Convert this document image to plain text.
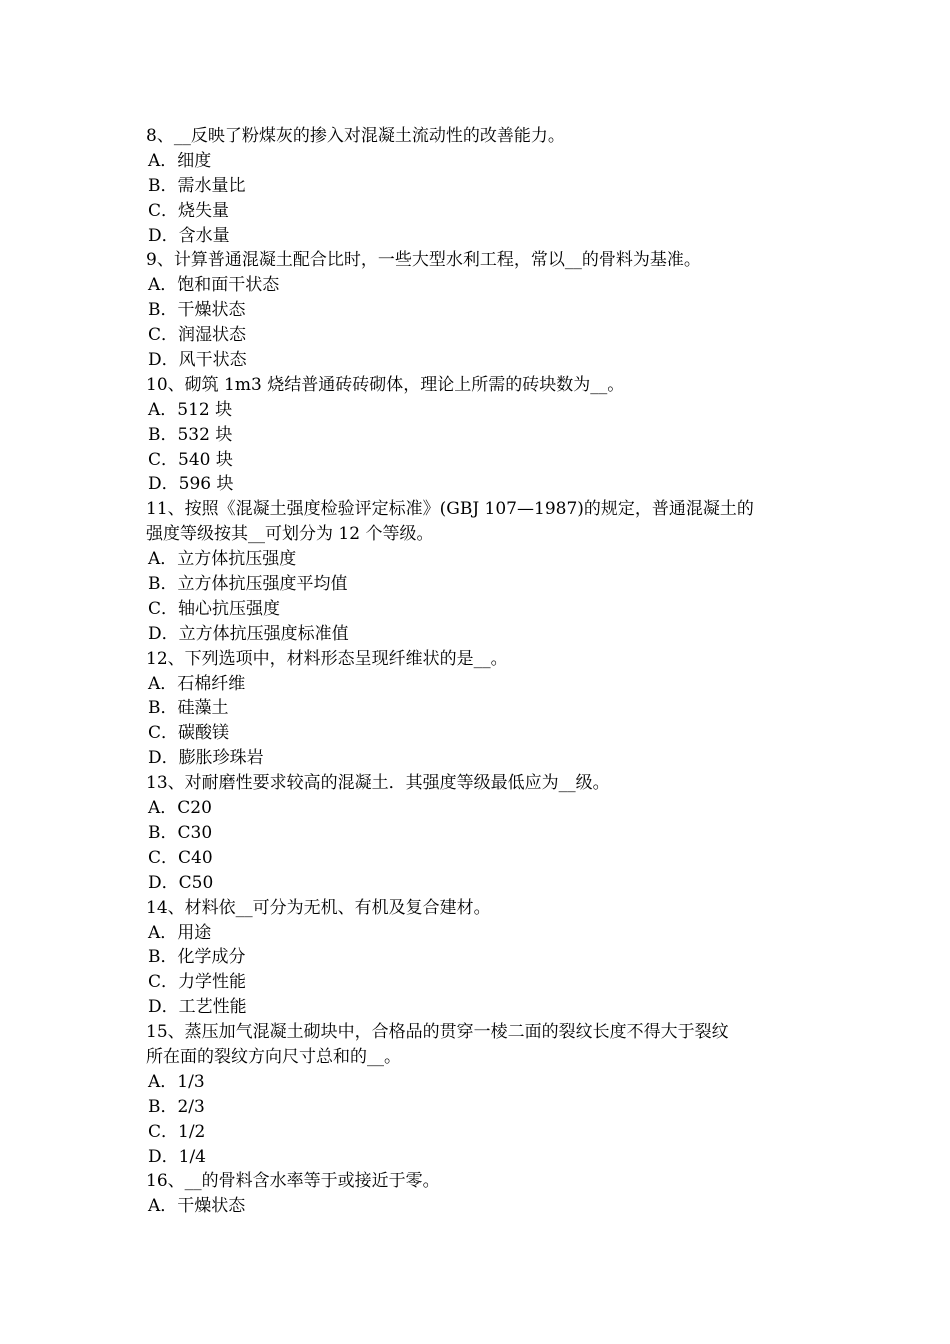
8、__反映了粉煤灰的掺入对混凝土流动性的改善能力。
A．细度
B．需水量比
C．烧失量
D．含水量
9、计算普通混凝土配合比时，一些大型水利工程，常以__的骨料为基准。
A．饱和面干状态
B．干燥状态
C．润湿状态
D．风干状态
10、砌筑 1m3 烧结普通砖砖砌体，理论上所需的砖块数为__。
A．512 块
B．532 块
C．540 块
D．596 块
11、按照《混凝土强度检验评定标准》(GBJ 107—1987)的规定，普通混凝土的
强度等级按其__可划分为 12 个等级。
A．立方体抗压强度
B．立方体抗压强度平均值
C．轴心抗压强度
D．立方体抗压强度标准值
12、下列选项中，材料形态呈现纤维状的是__。
A．石棉纤维
B．硅藻土
C．碳酸镁
D．膨胀珍珠岩
13、对耐磨性要求较高的混凝土．其强度等级最低应为__级。
A．C20
B．C30
C．C40
D．C50
14、材料依__可分为无机、有机及复合建材。
A．用途
B．化学成分
C．力学性能
D．工艺性能
15、蒸压加气混凝土砌块中，合格品的贯穿一棱二面的裂纹长度不得大于裂纹
所在面的裂纹方向尺寸总和的__。
A．1/3
B．2/3
C．1/2
D．1/4
16、__的骨料含水率等于或接近于零。
A．干燥状态
